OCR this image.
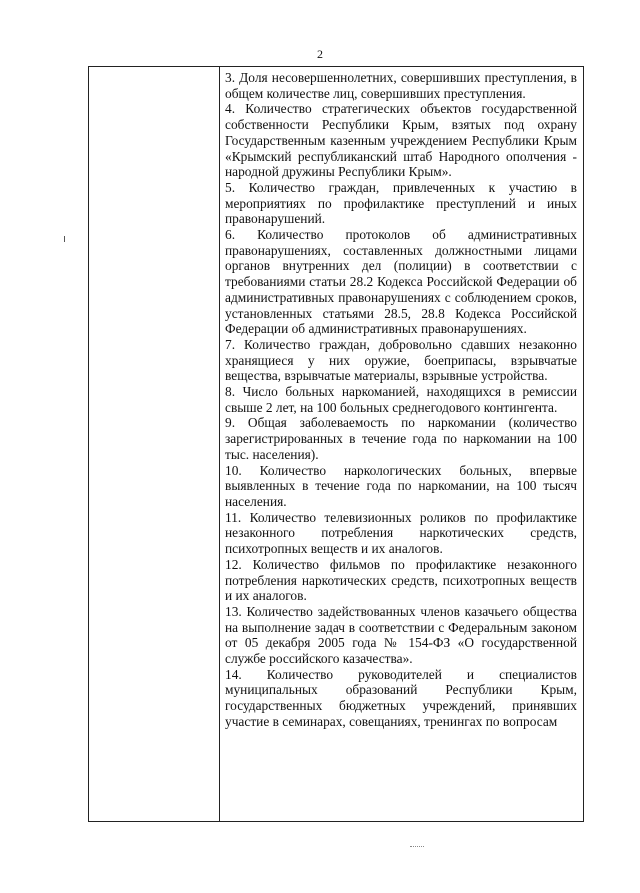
2

3. Доля несовершеннолетних, совершивших преступления, в общем количестве лиц, совершивших преступления.

4. Количество стратегических объектов государственной собственности Республики Крым, взятых под охрану Государственным казенным учреждением Республики Крым «Крымский республиканский штаб Народного ополчения - народной дружины Республики Крым».

5. Количество граждан, привлеченных к участию в мероприятиях по профилактике преступлений и иных правонарушений.

6. Количество протоколов об административных правонарушениях, составленных должностными лицами органов внутренних дел (полиции) в соответствии с требованиями статьи 28.2 Кодекса Российской Федерации об административных правонарушениях с соблюдением сроков, установленных статьями 28.5, 28.8 Кодекса Российской Федерации об административных правонарушениях.

7. Количество граждан, добровольно сдавших незаконно хранящиеся у них оружие, боеприпасы, взрывчатые вещества, взрывчатые материалы, взрывные устройства.

8. Число больных наркоманией, находящихся в ремиссии свыше 2 лет, на 100 больных среднегодового контингента.

9. Общая заболеваемость по наркомании (количество зарегистрированных в течение года по наркомании на 100 тыс. населения).

10. Количество наркологических больных, впервые выявленных в течение года по наркомании, на 100 тысяч населения.

11. Количество телевизионных роликов по профилактике незаконного потребления наркотических средств, психотропных веществ и их аналогов.

12. Количество фильмов по профилактике незаконного потребления наркотических средств, психотропных веществ и их аналогов.

13. Количество задействованных членов казачьего общества на выполнение задач в соответствии с Федеральным законом от 05 декабря 2005 года № 154-ФЗ «О государственной службе российского казачества».

14. Количество руководителей и специалистов муниципальных образований Республики Крым, государственных бюджетных учреждений, принявших участие в семинарах, совещаниях, тренингах по вопросам
